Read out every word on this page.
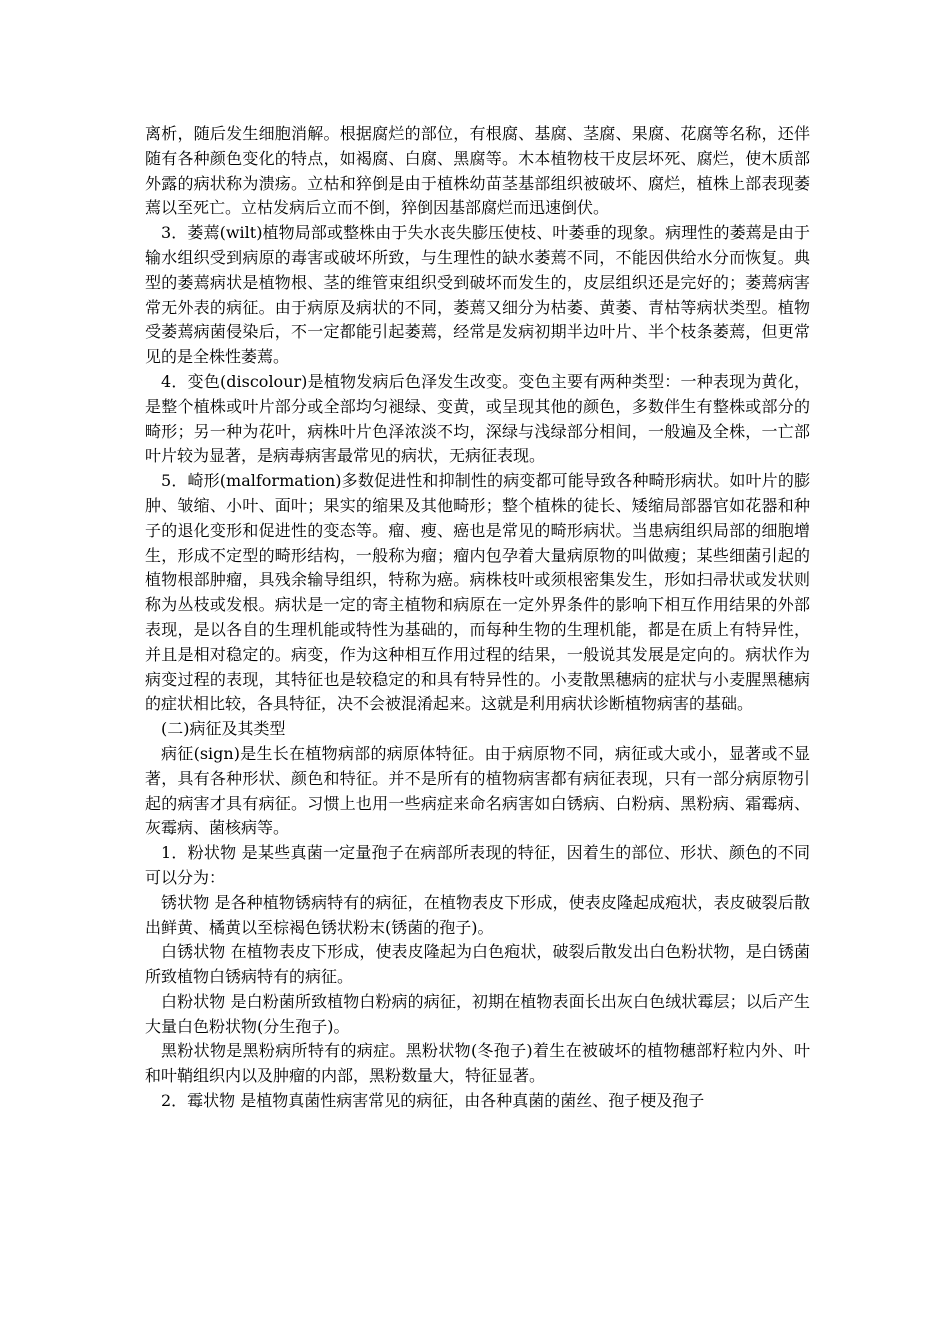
离析，随后发生细胞消解。根据腐烂的部位，有根腐、基腐、茎腐、果腐、花腐等名称，还伴随有各种颜色变化的特点，如褐腐、白腐、黑腐等。木本植物枝干皮层坏死、腐烂，使木质部外露的病状称为溃疡。立枯和猝倒是由于植株幼苗茎基部组织被破坏、腐烂，植株上部表现萎蔫以至死亡。立枯发病后立而不倒，猝倒因基部腐烂而迅速倒伏。

3．萎蔫(wilt)植物局部或整株由于失水丧失膨压使枝、叶萎垂的现象。病理性的萎蔫是由于输水组织受到病原的毒害或破坏所致，与生理性的缺水萎蔫不同，不能因供给水分而恢复。典型的萎蔫病状是植物根、茎的维管束组织受到破坏而发生的，皮层组织还是完好的；萎蔫病害常无外表的病征。由于病原及病状的不同，萎蔫又细分为枯萎、黄萎、青枯等病状类型。植物受萎蔫病菌侵染后，不一定都能引起萎蔫，经常是发病初期半边叶片、半个枝条萎蔫，但更常见的是全株性萎蔫。

4．变色(discolour)是植物发病后色泽发生改变。变色主要有两种类型：一种表现为黄化，是整个植株或叶片部分或全部均匀褪绿、变黄，或呈现其他的颜色，多数伴生有整株或部分的畸形；另一种为花叶，病株叶片色泽浓淡不均，深绿与浅绿部分相间，一般遍及全株，一亡部叶片较为显著，是病毒病害最常见的病状，无病征表现。

5．崎形(malformation)多数促进性和抑制性的病变都可能导致各种畸形病状。如叶片的膨肿、皱缩、小叶、面叶；果实的缩果及其他畸形；整个植株的徒长、矮缩局部器官如花器和种子的退化变形和促进性的变态等。瘤、瘦、癌也是常见的畸形病状。当患病组织局部的细胞增生，形成不定型的畸形结构，一般称为瘤；瘤内包孕着大量病原物的叫做瘦；某些细菌引起的植物根部肿瘤，具残余输导组织，特称为癌。病株枝叶或须根密集发生，形如扫帚状或发状则称为丛枝或发根。病状是一定的寄主植物和病原在一定外界条件的影响下相互作用结果的外部表现，是以各自的生理机能或特性为基础的，而每种生物的生理机能，都是在质上有特异性，并且是相对稳定的。病变，作为这种相互作用过程的结果，一般说其发展是定向的。病状作为病变过程的表现，其特征也是较稳定的和具有特异性的。小麦散黑穗病的症状与小麦腥黑穗病的症状相比较，各具特征，决不会被混淆起来。这就是利用病状诊断植物病害的基础。

(二)病征及其类型

病征(sign)是生长在植物病部的病原体特征。由于病原物不同，病征或大或小，显著或不显著，具有各种形状、颜色和特征。并不是所有的植物病害都有病征表现，只有一部分病原物引起的病害才具有病征。习惯上也用一些病症来命名病害如白锈病、白粉病、黑粉病、霜霉病、灰霉病、菌核病等。

1．粉状物 是某些真菌一定量孢子在病部所表现的特征，因着生的部位、形状、颜色的不同可以分为：

锈状物 是各种植物锈病特有的病征，在植物表皮下形成，使表皮隆起成疱状，表皮破裂后散出鲜黄、橘黄以至棕褐色锈状粉末(锈菌的孢子)。

白锈状物 在植物表皮下形成，使表皮隆起为白色疱状，破裂后散发出白色粉状物，是白锈菌所致植物白锈病特有的病征。

白粉状物 是白粉菌所致植物白粉病的病征，初期在植物表面长出灰白色绒状霉层；以后产生大量白色粉状物(分生孢子)。

黑粉状物是黑粉病所特有的病症。黑粉状物(冬孢子)着生在被破坏的植物穗部籽粒内外、叶和叶鞘组织内以及肿瘤的内部，黑粉数量大，特征显著。

2．霉状物 是植物真菌性病害常见的病征，由各种真菌的菌丝、孢子梗及孢子
